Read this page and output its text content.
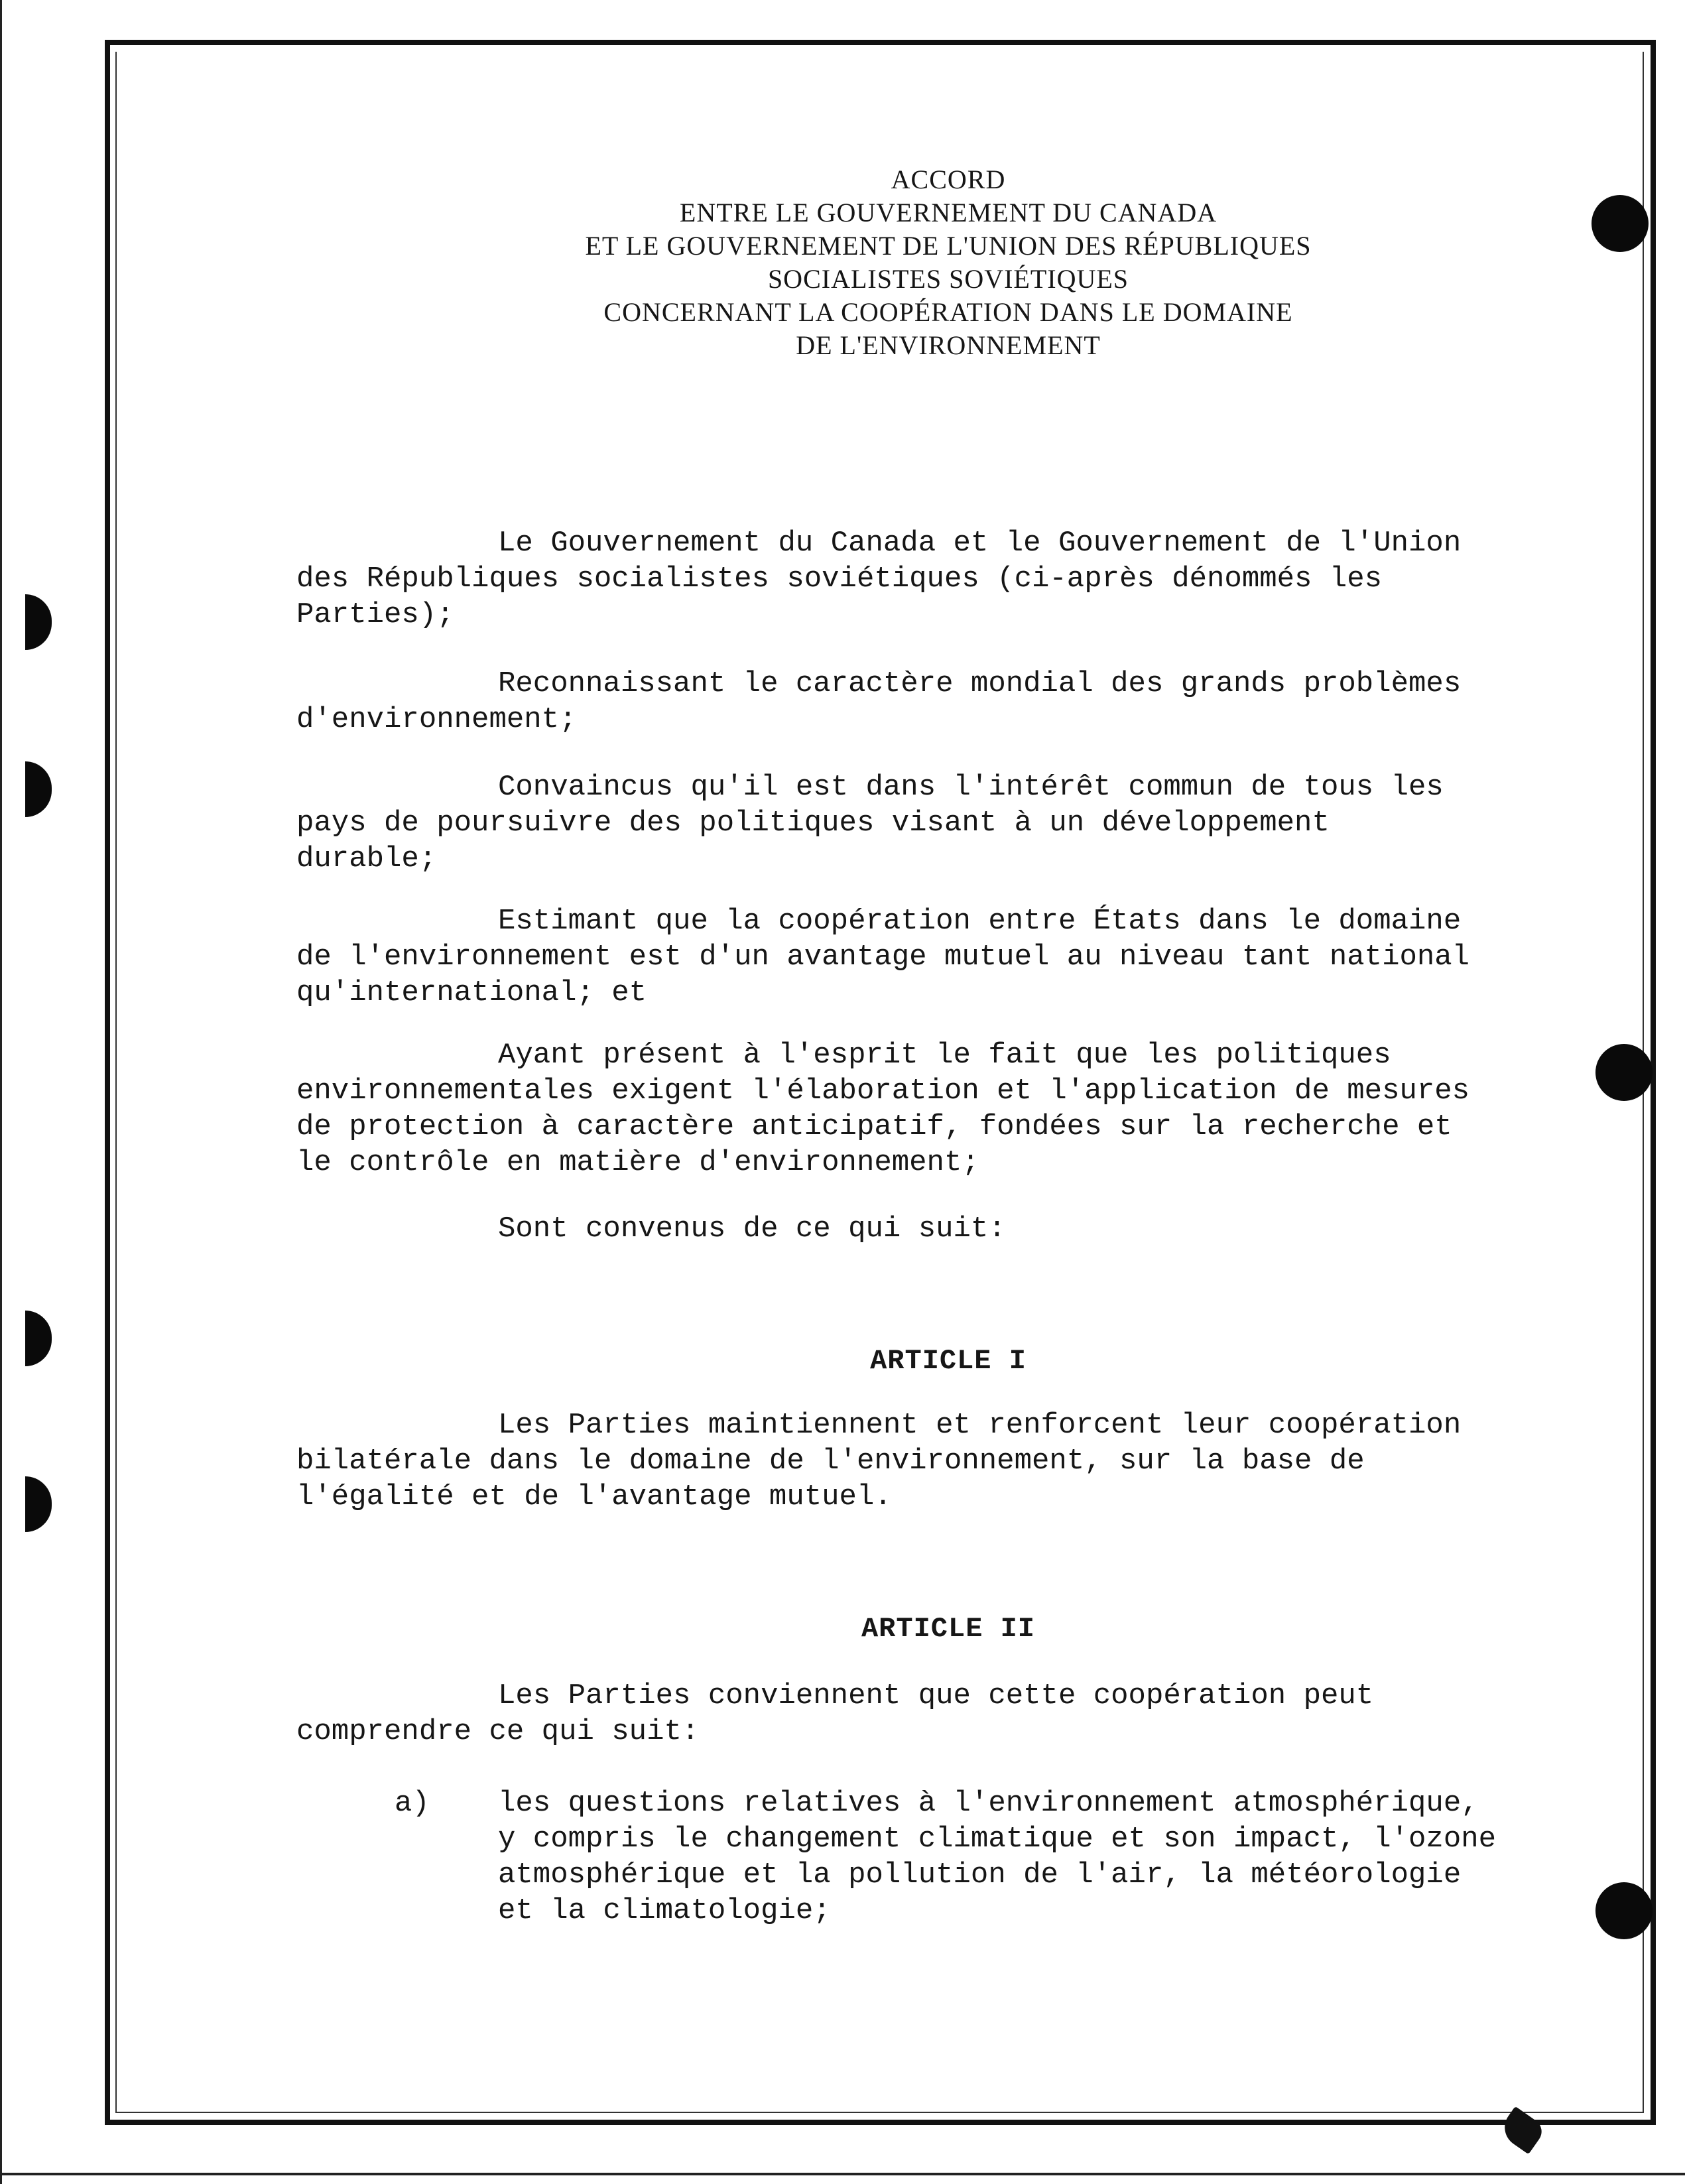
ACCORD
ENTRE LE GOUVERNEMENT DU CANADA
ET LE GOUVERNEMENT DE L'UNION DES RÉPUBLIQUES
SOCIALISTES SOVIÉTIQUES
CONCERNANT LA COOPÉRATION DANS LE DOMAINE
DE L'ENVIRONNEMENT
Le Gouvernement du Canada et le Gouvernement de l'Union
des Républiques socialistes soviétiques (ci-après dénommés les
Parties);
Reconnaissant le caractère mondial des grands problèmes
d'environnement;
Convaincus qu'il est dans l'intérêt commun de tous les
pays de poursuivre des politiques visant à un développement
durable;
Estimant que la coopération entre États dans le domaine
de l'environnement est d'un avantage mutuel au niveau tant national
qu'international; et
Ayant présent à l'esprit le fait que les politiques
environnementales exigent l'élaboration et l'application de mesures
de protection à caractère anticipatif, fondées sur la recherche et
le contrôle en matière d'environnement;
Sont convenus de ce qui suit:
ARTICLE I
Les Parties maintiennent et renforcent leur coopération
bilatérale dans le domaine de l'environnement, sur la base de
l'égalité et de l'avantage mutuel.
ARTICLE II
Les Parties conviennent que cette coopération peut
comprendre ce qui suit:
a) les questions relatives à l'environnement atmosphérique,
y compris le changement climatique et son impact, l'ozone
atmosphérique et la pollution de l'air, la météorologie
et la climatologie;
